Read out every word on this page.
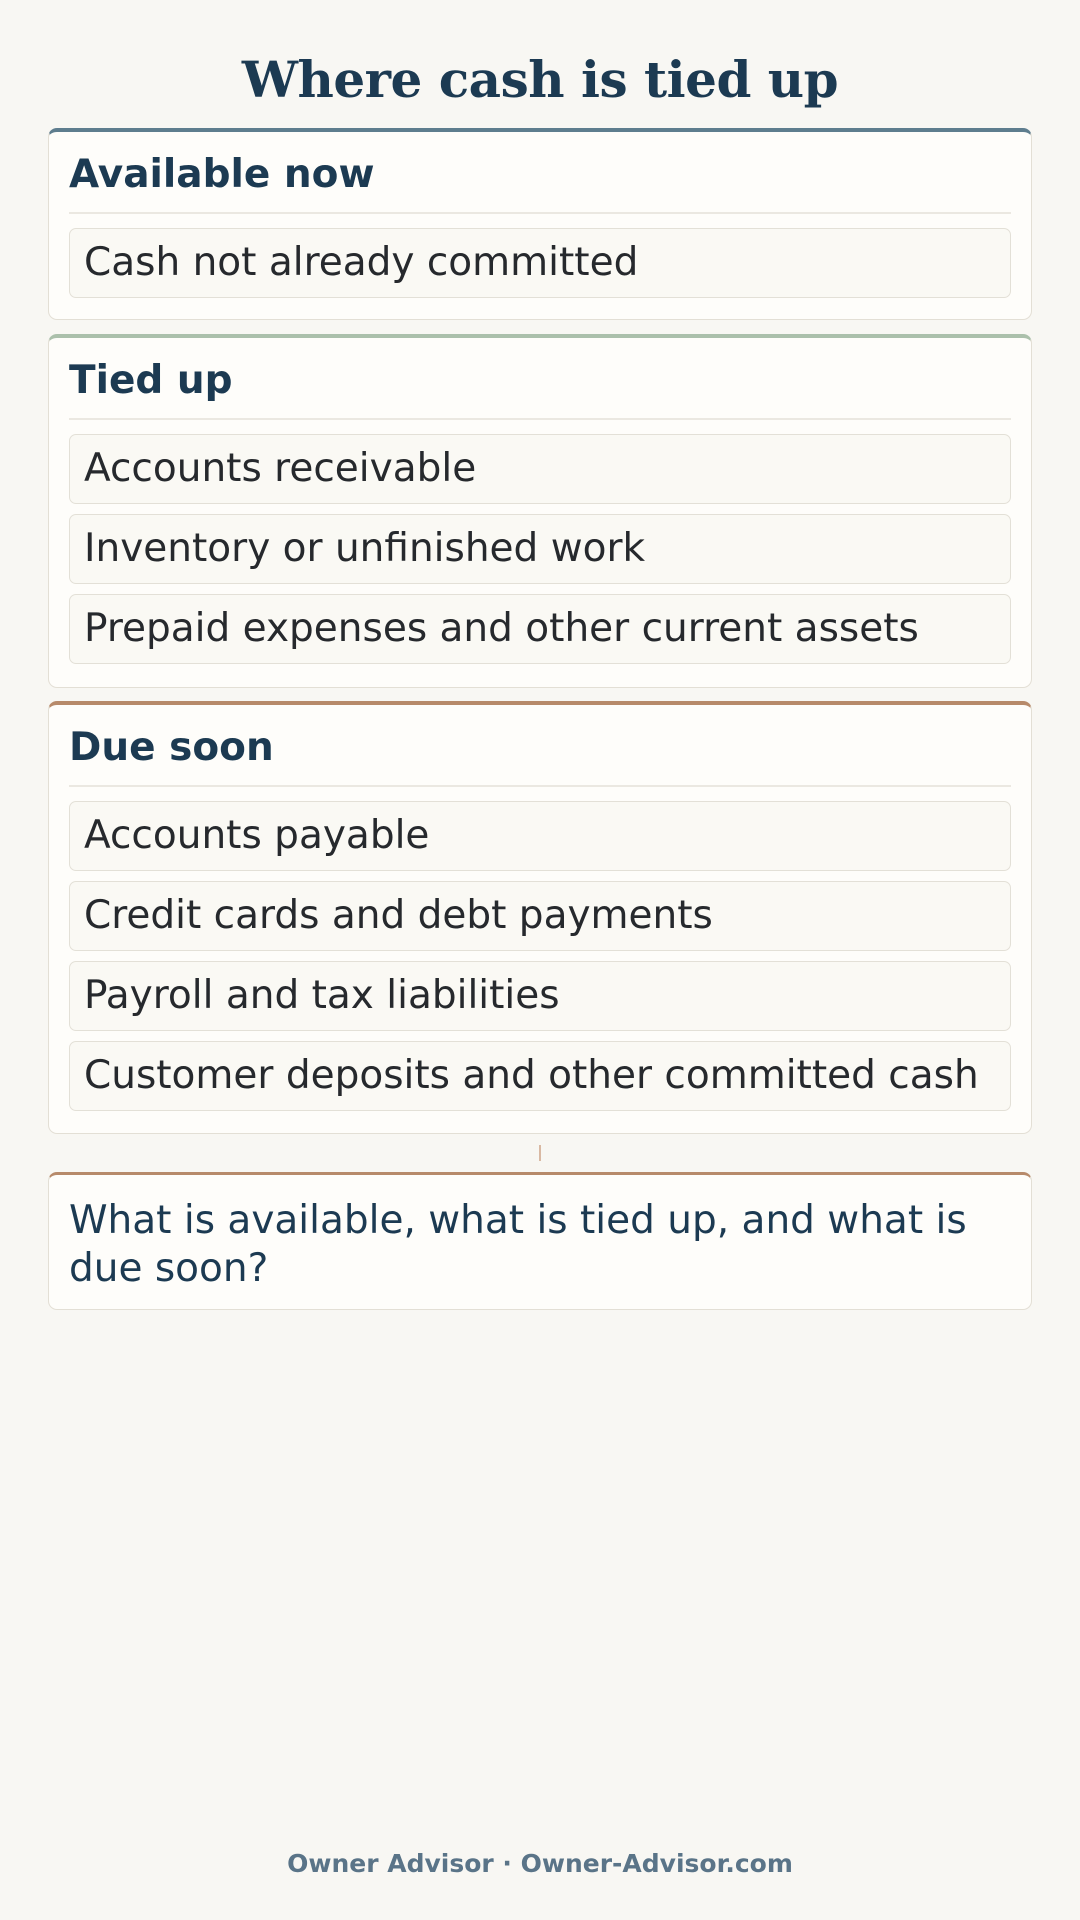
Where cash is tied up
Available now
Cash not already committed
Tied up
Accounts receivable
Inventory or unfinished work
Prepaid expenses and other current assets
Due soon
Accounts payable
Credit cards and debt payments
Payroll and tax liabilities
Customer deposits and other committed cash
What is available, what is tied up, and what is due soon?
Owner Advisor · Owner-Advisor.com
